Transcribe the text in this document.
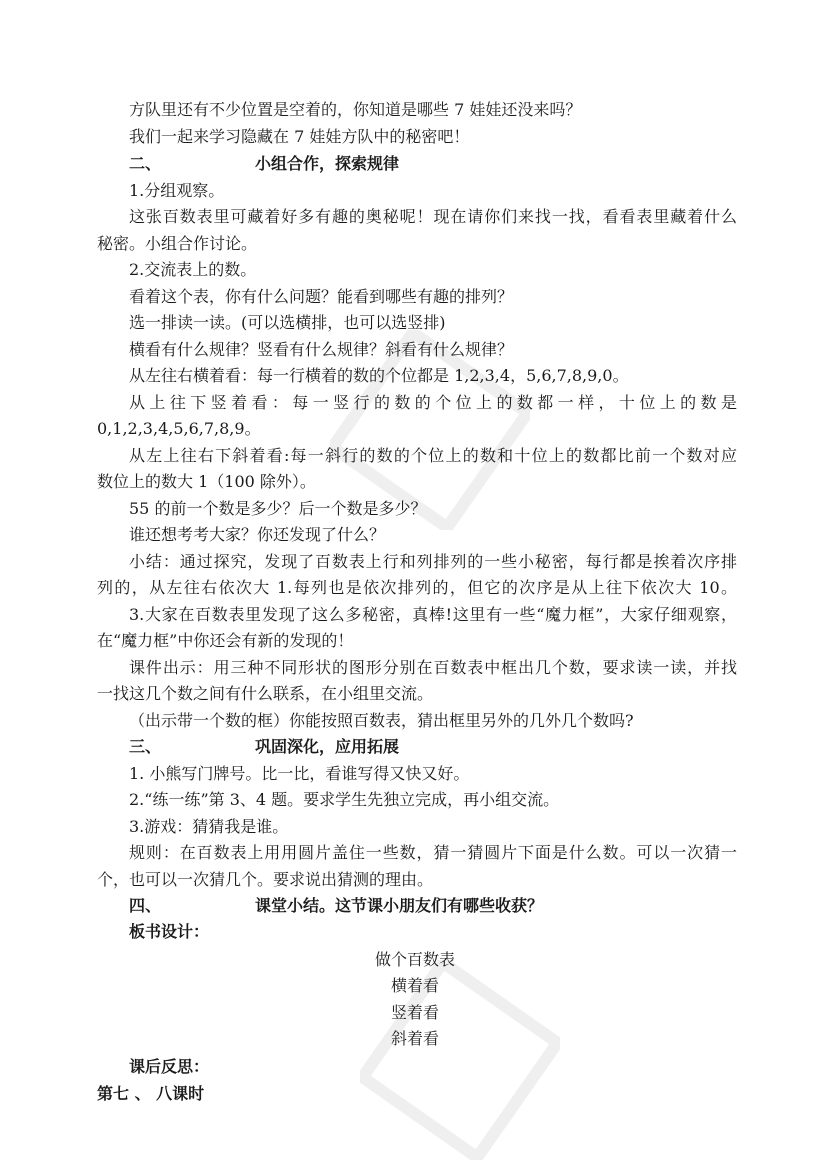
方队里还有不少位置是空着的，你知道是哪些 7 娃娃还没来吗？
我们一起来学习隐藏在 7 娃娃方队中的秘密吧！
二、	小组合作，探索规律
1.分组观察。
这张百数表里可藏着好多有趣的奥秘呢！现在请你们来找一找，看看表里藏着什么
秘密。小组合作讨论。
2.交流表上的数。
看着这个表，你有什么问题？能看到哪些有趣的排列？
选一排读一读。(可以选横排，也可以选竖排)
横看有什么规律？竖看有什么规律？斜看有什么规律？
从左往右横着看：每一行横着的数的个位都是 1,2,3,4，5,6,7,8,9,0。
从上往下竖着看：每一竖行的数的个位上的数都一样，十位上的数是
0,1,2,3,4,5,6,7,8,9。
从左上往右下斜着看:每一斜行的数的个位上的数和十位上的数都比前一个数对应
数位上的数大 1（100 除外）。
55 的前一个数是多少？后一个数是多少？
谁还想考考大家？你还发现了什么？
小结：通过探究，发现了百数表上行和列排列的一些小秘密，每行都是挨着次序排
列的，从左往右依次大 1.每列也是依次排列的，但它的次序是从上往下依次大 10。
3.大家在百数表里发现了这么多秘密，真棒!这里有一些“魔力框”，大家仔细观察，
在“魔力框”中你还会有新的发现的！
课件出示：用三种不同形状的图形分别在百数表中框出几个数，要求读一读，并找
一找这几个数之间有什么联系，在小组里交流。
（出示带一个数的框）你能按照百数表，猜出框里另外的几外几个数吗?
三、	巩固深化，应用拓展
1. 小熊写门牌号。比一比，看谁写得又快又好。
2.“练一练”第 3、4 题。要求学生先独立完成，再小组交流。
3.游戏：猜猜我是谁。
规则：在百数表上用用圆片盖住一些数，猜一猜圆片下面是什么数。可以一次猜一
个，也可以一次猜几个。要求说出猜测的理由。
四、	课堂小结。这节课小朋友们有哪些收获？
板书设计：
做个百数表
横着看
竖着看
斜着看
课后反思：
第七 、 八课时
